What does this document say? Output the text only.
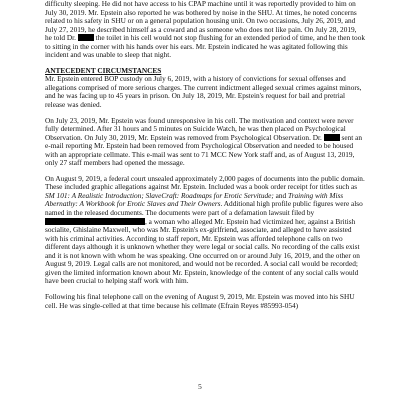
difficulty sleeping. He did not have access to his CPAP machine until it was reportedly provided to him on July 30, 2019. Mr. Epstein also reported he was bothered by noise in the SHU. At times, he noted concerns related to his safety in SHU or on a general population housing unit. On two occasions, July 26, 2019, and July 27, 2019, he described himself as a coward and as someone who does not like pain. On July 28, 2019, he told Dr.	the toilet in his cell would not stop flushing for an extended period of time, and he then took to sitting in the corner with his hands over his ears. Mr. Epstein indicated he was agitated following this incident and was unable to sleep that night.

ANTECEDENT CIRCUMSTANCES

Mr. Epstein entered BOP custody on July 6, 2019, with a history of convictions for sexual offenses and allegations comprised of more serious charges. The current indictment alleged sexual crimes against minors, and he was facing up to 45 years in prison. On July 18, 2019, Mr. Epstein's request for bail and pretrial release was denied.

On July 23, 2019, Mr. Epstein was found unresponsive in his cell. The motivation and context were never fully determined. After 31 hours and 5 minutes on Suicide Watch, he was then placed on Psychological Observation. On July 30, 2019, Mr. Epstein was removed from Psychological Observation. Dr.	sent an e-mail reporting Mr. Epstein had been removed from Psychological Observation and needed to be housed with an appropriate cellmate. This e-mail was sent to 71 MCC New York staff and, as of August 13, 2019, only 27 staff members had opened the message.

On August 9, 2019, a federal court unsealed approximately 2,000 pages of documents into the public domain. These included graphic allegations against Mr. Epstein. Included was a book order receipt for titles such as SM 101: A Realistic Introduction; SlaveCraft: Roadmaps for Erotic Servitude; and Training with Miss Abernathy: A Workbook for Erotic Slaves and Their Owners. Additional high profile public figures were also named in the released documents. The documents were part of a defamation lawsuit filed by , a woman who alleged Mr. Epstein had victimized her, against a British socialite, Ghislaine Maxwell, who was Mr. Epstein's ex-girlfriend, associate, and alleged to have assisted with his criminal activities. According to staff report, Mr. Epstein was afforded telephone calls on two different days although it is unknown whether they were legal or social calls. No recording of the calls exist and it is not known with whom he was speaking. One occurred on or around July 16, 2019, and the other on August 9, 2019. Legal calls are not monitored, and would not be recorded. A social call would be recorded; given the limited information known about Mr. Epstein, knowledge of the content of any social calls would have been crucial to helping staff work with him.

Following his final telephone call on the evening of August 9, 2019, Mr. Epstein was moved into his SHU cell. He was single-celled at that time because his cellmate (Efrain Reyes #85993-054)

5
